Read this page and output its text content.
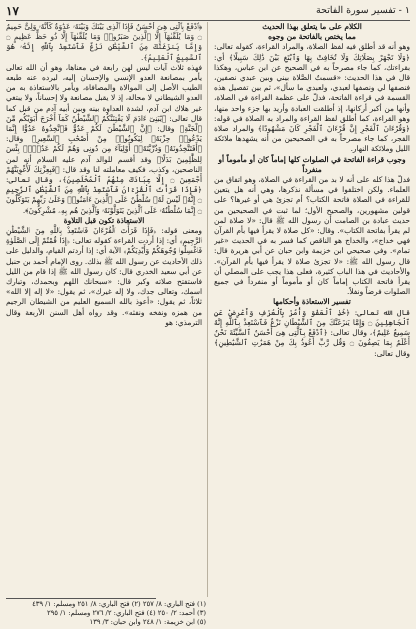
١ - تفسير سورة الفاتحة
١٧

الكلام على ما يتعلق بهذا الحديث

مما يختص بالفاتحة من وجوه

وهو أنه قد أطلق فيه لفظ الصلاة، والمراد القراءة، كقوله تعالى: ﴿وَلَا تَجْهَرْ بِصَلَاتِكَ وَلَا تُخَافِتْ بِهَا وَٱبْتَغِ بَيْنَ ذَٰلِكَ سَبِيلًا﴾ أي: بقراءتك، كما جاء مصرحاً به في الصحيح عن ابن عباس، وهكذا قال في هذا الحديث: «قسمتُ الصَّلاة بيني وبين عبدي نصفين، فنصفها لي ونصفها لعبدي، ولعبدي ما سأل»، ثم بين تفصيل هذه القسمة في قراءة الفاتحة، فدلّ على عظمة القراءة في الصلاة، وأنها من أكبر أركانها، إذ أطلقت العبادة وأريد بها جزء واحد منها، وهو القراءة، كما أطلق لفظ القراءة والمراد به الصلاة في قوله: ﴿وَقُرْءَانَ ٱلْفَجْرِ إِنَّ قُرْءَانَ ٱلْفَجْرِ كَانَ مَشْهُودًا﴾ والمراد صلاة الفجر، كما جاء مصرحاً به في الصحيحين من أنه يشهدها ملائكة الليل وملائكة النهار.

وجوب قراءة الفاتحة في الصلوات كلها إماماً كان أو مأموماً أو منفرداً

فدلّ هذا كله على أنه لا بد من القراءة في الصلاة، وهو اتفاق من العلماء. ولكن اختلفوا في مسألة نذكرها، وهي أنه هل يتعين للقراءة في الصلاة فاتحة الكتاب؟ أم تجزئ هي أو غيرها؟ على قولين مشهورين، والصحيح الأول؛ لما ثبت في الصحيحين من حديث عبادة بن الصامت أن رسول الله ﷺ قال: «لا صلاة لمن لم يقرأ بفاتحة الكتاب». وقال: «كل صلاة لا يقرأ فيها بأم القرآن فهي خداج»، والخداج هو الناقص كما فسر به في الحديث «غير تمام». وفي صحيحي ابن خزيمة وابن حبان عن أبي هريرة قال: قال رسول الله ﷺ: «لا تجزئ صلاة لا يقرأ فيها بأم القرآن». والأحاديث في هذا الباب كثيرة، فعلى هذا يجب على المصلي أن يقرأ فاتحة الكتاب إماماً كان أو مأموماً أو منفرداً في جميع الصلوات فرضاً ونفلاً.

تفسير الاستعاذة وأحكامها

قال الله تعالى: ﴿خُذِ ٱلْعَفْوَ وَأْمُرْ بِٱلْعُرْفِ وَأَعْرِضْ عَنِ ٱلْجَاهِلِينَ ۝ وَإِمَّا يَنزَغَنَّكَ مِنَ ٱلشَّيْطَانِ نَزْغٌ فَٱسْتَعِذْ بِٱللَّهِ إِنَّهُ سَمِيعٌ عَلِيمٌ﴾، وقال تعالى: ﴿ٱدْفَعْ بِٱلَّتِى هِىَ أَحْسَنُ ٱلسَّيِّئَةَ نَحْنُ أَعْلَمُ بِمَا يَصِفُونَ ۝ وَقُل رَّبِّ أَعُوذُ بِكَ مِنْ هَمَزَٰتِ ٱلشَّيَٰطِينِ﴾ وقال تعالى:

﴿ٱدْفَعْ بِٱلَّتِى هِىَ أَحْسَنُ فَإِذَا ٱلَّذِى بَيْنَكَ وَبَيْنَهُۥ عَدَٰوَةٌ كَأَنَّهُۥ وَلِىٌّ حَمِيمٌ ۝ وَمَا يُلَقَّىٰهَآ إِلَّا ٱلَّذِينَ صَبَرُوا۟ وَمَا يُلَقَّىٰهَآ إِلَّا ذُو حَظٍّ عَظِيمٍ ۝ وَإِمَّا يَنزَغَنَّكَ مِنَ ٱلشَّيْطَٰنِ نَزْغٌ فَٱسْتَعِذْ بِٱللَّهِ إِنَّهُۥ هُوَ ٱلسَّمِيعُ ٱلْعَلِيمُ﴾.

فهذه ثلاث آيات ليس لهن رابعة في معناها، وهو أن الله تعالى يأمر بمصانعة العدو الإنسي والإحسان إليه، ليرده عنه طبعه الطيب الأصل إلى الموالاة والمصافاة، ويأمر بالاستعاذة به من العدو الشيطاني لا محالة، إذ لا يقبل مصانعة ولا إحساناً، ولا يبتغي غير هلاك ابن آدم، لشدة العداوة بينه وبين أبيه آدم من قبل كما قال تعالى: ﴿يَٰبَنِىٓ ءَادَمَ لَا يَفْتِنَنَّكُمُ ٱلشَّيْطَٰنُ كَمَآ أَخْرَجَ أَبَوَيْكُم مِّنَ ٱلْجَنَّةِ﴾ وقال: ﴿إِنَّ ٱلشَّيْطَٰنَ لَكُمْ عَدُوٌّ فَٱتَّخِذُوهُ عَدُوًّا إِنَّمَا يَدْعُوا۟ حِزْبَهُۥ لِيَكُونُوا۟ مِنْ أَصْحَٰبِ ٱلسَّعِيرِ﴾ وقال: ﴿أَفَتَتَّخِذُونَهُۥ وَذُرِّيَّتَهُۥٓ أَوْلِيَآءَ مِن دُونِى وَهُمْ لَكُمْ عَدُوٌّۢ بِئْسَ لِلظَّٰلِمِينَ بَدَلًا﴾ وقد أقسم للوالد آدم عليه السلام أنه لمن الناصحين، وكذب، فكيف معاملته لنا وقد قال: ﴿فَبِعِزَّتِكَ لَأُغْوِيَنَّهُمْ أَجْمَعِينَ ۝ إِلَّا عِبَادَكَ مِنْهُمُ ٱلْمُخْلَصِينَ﴾، وقال تعالى: ﴿فَإِذَا قَرَأْتَ ٱلْقُرْءَانَ فَٱسْتَعِذْ بِٱللَّهِ مِنَ ٱلشَّيْطَٰنِ ٱلرَّجِيمِ ۝ إِنَّهُۥ لَيْسَ لَهُۥ سُلْطَٰنٌ عَلَى ٱلَّذِينَ ءَامَنُوا۟ وَعَلَىٰ رَبِّهِمْ يَتَوَكَّلُونَ ۝ إِنَّمَا سُلْطَٰنُهُۥ عَلَى ٱلَّذِينَ يَتَوَلَّوْنَهُۥ وَٱلَّذِينَ هُم بِهِۦ مُشْرِكُونَ﴾.

الاستعاذة تكون قبل التلاوة

ومعنى قوله: ﴿فَإِذَا قَرَأْتَ ٱلْقُرْءَانَ فَٱسْتَعِذْ بِٱللَّهِ مِنَ ٱلشَّيْطَٰنِ ٱلرَّجِيمِ﴾ أي: إذا أردت القراءة كقوله تعالى: ﴿إِذَا قُمْتُمْ إِلَى ٱلصَّلَوٰةِ فَٱغْسِلُوا۟ وُجُوهَكُمْ وَأَيْدِيَكُمْ﴾ الآية أي: إذا أردتم القيام، والدليل على ذلك الأحاديث عن رسول الله ﷺ بذلك. روى الإمام أحمد بن حنبل عن أبي سعيد الخدري قال: كان رسول الله ﷺ إذا قام من الليل فاستفتح صلاته وكبر قال: «سبحانك اللهم وبحمدك، وتبارك اسمك، وتعالى جدك، ولا إله غيرك»، ثم يقول: «لا إله إلا الله» ثلاثاً، ثم يقول: «أعوذ بالله السميع العليم من الشيطان الرجيم من همزه ونفخه ونفثه». وقد رواه أهل السنن الأربعة وقال الترمذي: هو

(١) فتح الباري: ٨/ ٢٥٧ (٢) فتح الباري: ٨/ ٢٥١ ومسلم: ١/ ٤٣٩
(٣) أحمد: ٢/ ٢٥٠ (٤) فتح الباري: ٢/ ٢٧٦ ومسلم: ١/ ٢٩٥
(٥) ابن خزيمة: ١/ ٢٤٨ وابن حبان: ٣/ ١٣٩
